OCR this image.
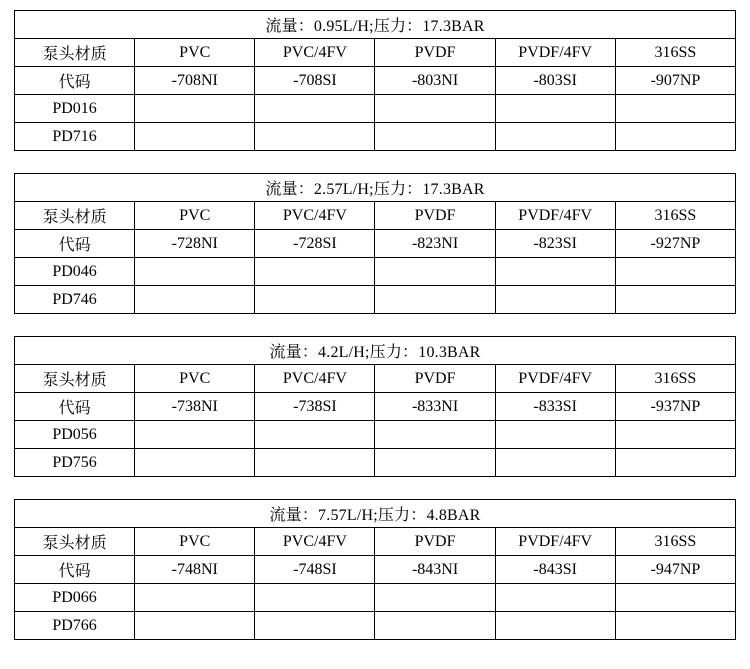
流量：0.95L/H;压力：17.3BAR					
泵头材质	PVC	PVC/4FV	PVDF	PVDF/4FV	316SS
代码	-708NI	-708SI	-803NI	-803SI	-907NP
PD016					
PD716					
流量：2.57L/H;压力：17.3BAR					
泵头材质	PVC	PVC/4FV	PVDF	PVDF/4FV	316SS
代码	-728NI	-728SI	-823NI	-823SI	-927NP
PD046					
PD746					
流量：4.2L/H;压力：10.3BAR					
泵头材质	PVC	PVC/4FV	PVDF	PVDF/4FV	316SS
代码	-738NI	-738SI	-833NI	-833SI	-937NP
PD056					
PD756					
流量：7.57L/H;压力：4.8BAR					
泵头材质	PVC	PVC/4FV	PVDF	PVDF/4FV	316SS
代码	-748NI	-748SI	-843NI	-843SI	-947NP
PD066					
PD766					
